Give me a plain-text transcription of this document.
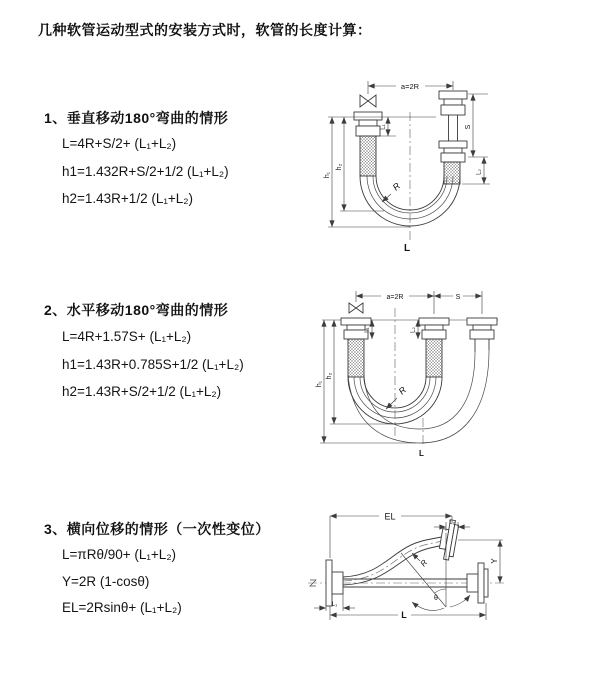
几种软管运动型式的安装方式时，软管的长度计算：
1、垂直移动180°弯曲的情形
L=4R+S/2+ (L₁+L₂)
h1=1.432R+S/2+1/2 (L₁+L₂)
h2=1.43R+1/2 (L₁+L₂)
a=2R
h₁
h₂
L₁	S
L₂
R
L
2、水平移动180°弯曲的情形
L=4R+1.57S+ (L₁+L₂)
h1=1.43R+0.785S+1/2 (L₁+L₂)
h2=1.43R+S/2+1/2 (L₁+L₂)
a=2R	S
h₁
h₂
L₁	L₂
R
L
3、横向位移的情形（一次性变位）
L=πRθ/90+ (L₁+L₂)
Y=2R (1-cosθ)
EL=2Rsinθ+ (L₁+L₂)
EL
L₂
Y
θ
R
L₁
L
